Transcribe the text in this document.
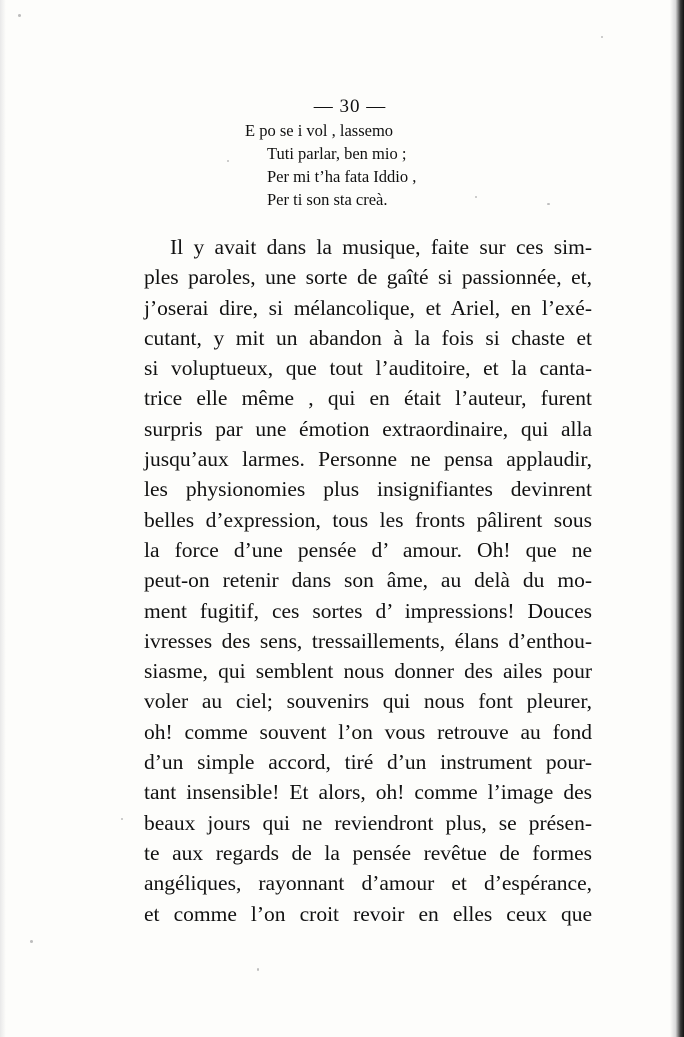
— 30 —
E po se i vol , lassemo
Tuti parlar, ben mio ;
Per mi t’ha fata Iddio ,
Per ti son sta creà.
Il y avait dans la musique, faite sur ces sim-
ples paroles, une sorte de gaîté si passionnée, et,
j’oserai dire, si mélancolique, et Ariel, en l’exé-
cutant, y mit un abandon à la fois si chaste et
si voluptueux, que tout l’auditoire, et la canta-
trice elle même , qui en était l’auteur, furent
surpris par une émotion extraordinaire, qui alla
jusqu’aux larmes. Personne ne pensa applaudir,
les physionomies plus insignifiantes devinrent
belles d’expression, tous les fronts pâlirent sous
la force d’une pensée d’ amour. Oh! que ne
peut-on retenir dans son âme, au delà du mo-
ment fugitif, ces sortes d’ impressions! Douces
ivresses des sens, tressaillements, élans d’enthou-
siasme, qui semblent nous donner des ailes pour
voler au ciel; souvenirs qui nous font pleurer,
oh! comme souvent l’on vous retrouve au fond
d’un simple accord, tiré d’un instrument pour-
tant insensible! Et alors, oh! comme l’image des
beaux jours qui ne reviendront plus, se présen-
te aux regards de la pensée revêtue de formes
angéliques, rayonnant d’amour et d’espérance,
et comme l’on croit revoir en elles ceux que
